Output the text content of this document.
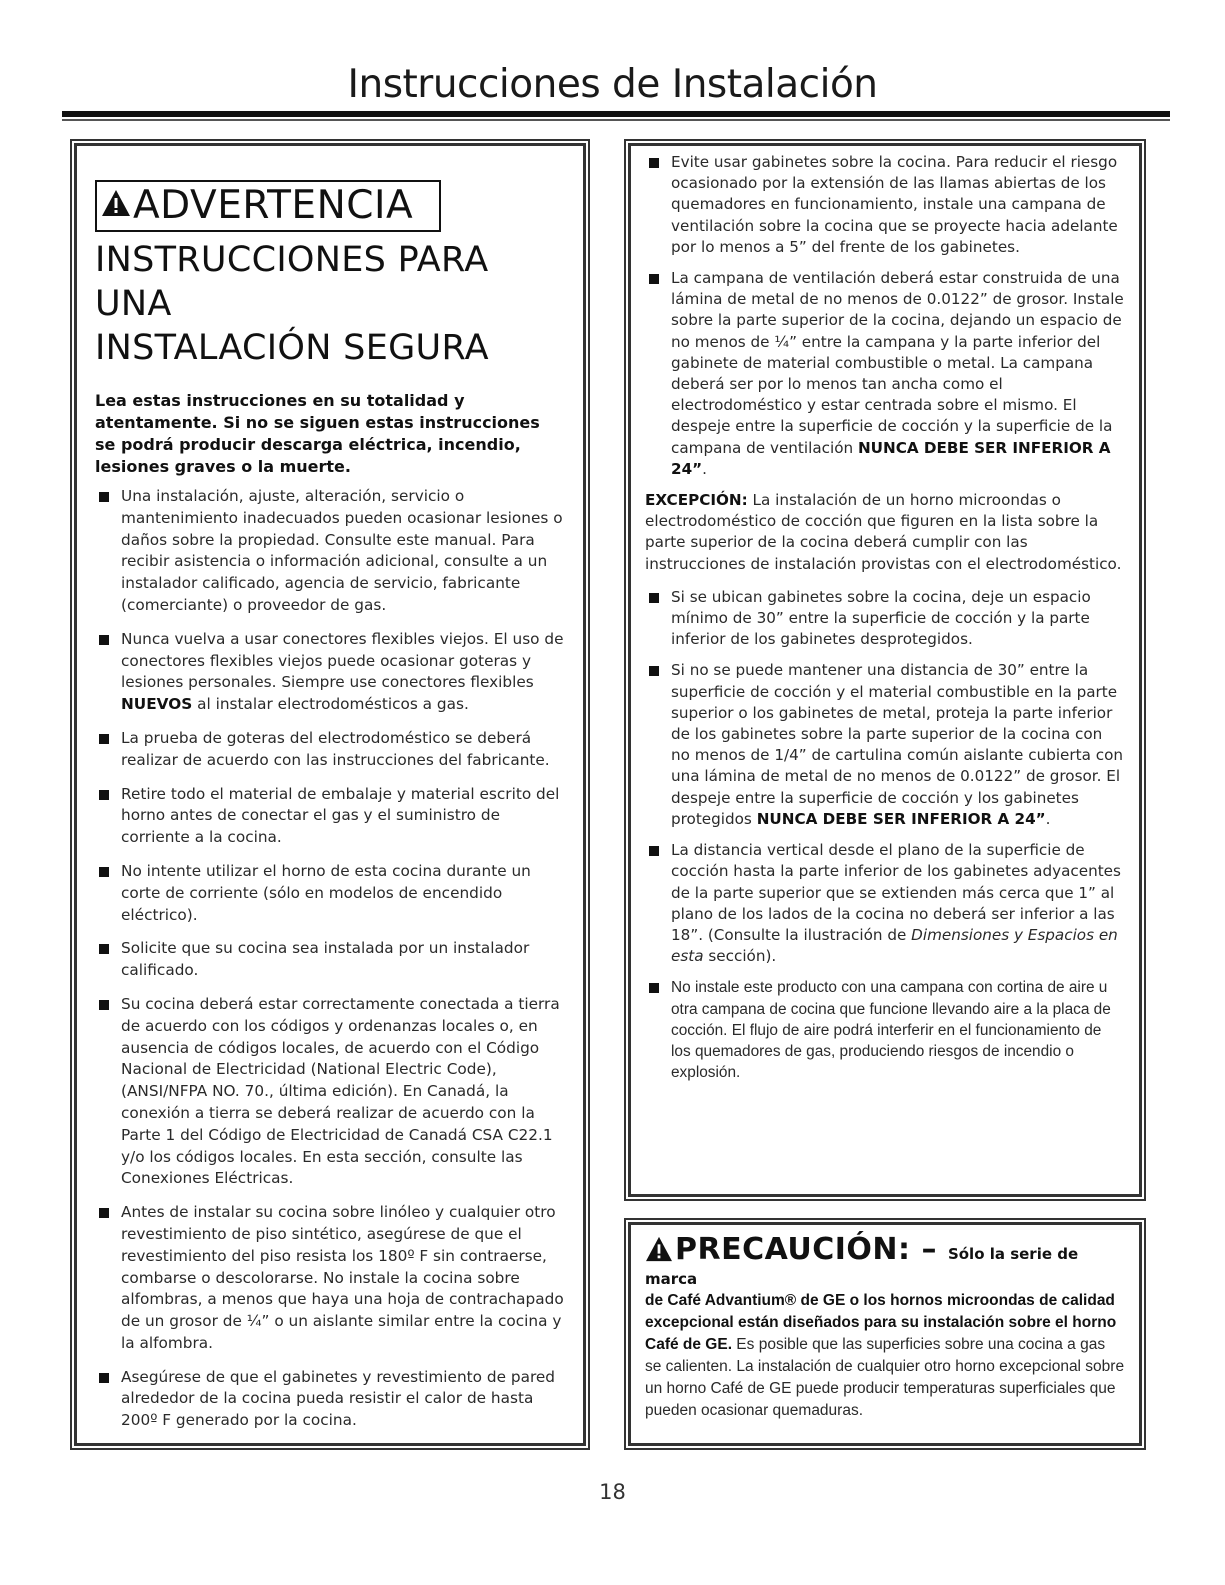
Instrucciones de Instalación
ADVERTENCIA
INSTRUCCIONES PARA UNA
INSTALACIÓN SEGURA

Lea estas instrucciones en su totalidad y atentamente. Si no se siguen estas instrucciones se podrá producir descarga eléctrica, incendio, lesiones graves o la muerte.

Una instalación, ajuste, alteración, servicio o mantenimiento inadecuados pueden ocasionar lesiones o daños sobre la propiedad. Consulte este manual. Para recibir asistencia o información adicional, consulte a un instalador calificado, agencia de servicio, fabricante (comerciante) o proveedor de gas.
Nunca vuelva a usar conectores flexibles viejos. El uso de conectores flexibles viejos puede ocasionar goteras y lesiones personales. Siempre use conectores flexibles NUEVOS al instalar electrodomésticos a gas.
La prueba de goteras del electrodoméstico se deberá realizar de acuerdo con las instrucciones del fabricante.
Retire todo el material de embalaje y material escrito del horno antes de conectar el gas y el suministro de corriente a la cocina.
No intente utilizar el horno de esta cocina durante un corte de corriente (sólo en modelos de encendido eléctrico).
Solicite que su cocina sea instalada por un instalador calificado.
Su cocina deberá estar correctamente conectada a tierra de acuerdo con los códigos y ordenanzas locales o, en ausencia de códigos locales, de acuerdo con el Código Nacional de Electricidad (National Electric Code), (ANSI/NFPA NO. 70., última edición). En Canadá, la conexión a tierra se deberá realizar de acuerdo con la Parte 1 del Código de Electricidad de Canadá CSA C22.1 y/o los códigos locales. En esta sección, consulte las Conexiones Eléctricas.
Antes de instalar su cocina sobre linóleo y cualquier otro revestimiento de piso sintético, asegúrese de que el revestimiento del piso resista los 180º F sin contraerse, combarse o descolorarse. No instale la cocina sobre alfombras, a menos que haya una hoja de contrachapado de un grosor de ¼” o un aislante similar entre la cocina y la alfombra.
Asegúrese de que el gabinetes y revestimiento de pared alrededor de la cocina pueda resistir el calor de hasta 200º F generado por la cocina.
Evite usar gabinetes sobre la cocina. Para reducir el riesgo ocasionado por la extensión de las llamas abiertas de los quemadores en funcionamiento, instale una campana de ventilación sobre la cocina que se proyecte hacia adelante por lo menos a 5” del frente de los gabinetes.
La campana de ventilación deberá estar construida de una lámina de metal de no menos de 0.0122” de grosor. Instale sobre la parte superior de la cocina, dejando un espacio de no menos de ¼” entre la campana y la parte inferior del gabinete de material combustible o metal. La campana deberá ser por lo menos tan ancha como el electrodoméstico y estar centrada sobre el mismo. El despeje entre la superficie de cocción y la superficie de la campana de ventilación NUNCA DEBE SER INFERIOR A 24”.

EXCEPCIÓN: La instalación de un horno microondas o electrodoméstico de cocción que figuren en la lista sobre la parte superior de la cocina deberá cumplir con las instrucciones de instalación provistas con el electrodoméstico.

Si se ubican gabinetes sobre la cocina, deje un espacio mínimo de 30” entre la superficie de cocción y la parte inferior de los gabinetes desprotegidos.
Si no se puede mantener una distancia de 30” entre la superficie de cocción y el material combustible en la parte superior o los gabinetes de metal, proteja la parte inferior de los gabinetes sobre la parte superior de la cocina con no menos de 1/4” de cartulina común aislante cubierta con una lámina de metal de no menos de 0.0122” de grosor. El despeje entre la superficie de cocción y los gabinetes protegidos NUNCA DEBE SER INFERIOR A 24”.
La distancia vertical desde el plano de la superficie de cocción hasta la parte inferior de los gabinetes adyacentes de la parte superior que se extienden más cerca que 1” al plano de los lados de la cocina no deberá ser inferior a las 18”. (Consulte la ilustración de Dimensiones y Espacios en esta sección).
No instale este producto con una campana con cortina de aire u otra campana de cocina que funcione llevando aire a la placa de cocción. El flujo de aire podrá interferir en el funcionamiento de los quemadores de gas, produciendo riesgos de incendio o explosión.

PRECAUCIÓN: – Sólo la serie de marca

de Café Advantium® de GE o los hornos microondas de calidad excepcional están diseñados para su instalación sobre el horno Café de GE. Es posible que las superficies sobre una cocina a gas se calienten. La instalación de cualquier otro horno excepcional sobre un horno Café de GE puede producir temperaturas superficiales que pueden ocasionar quemaduras.

18
